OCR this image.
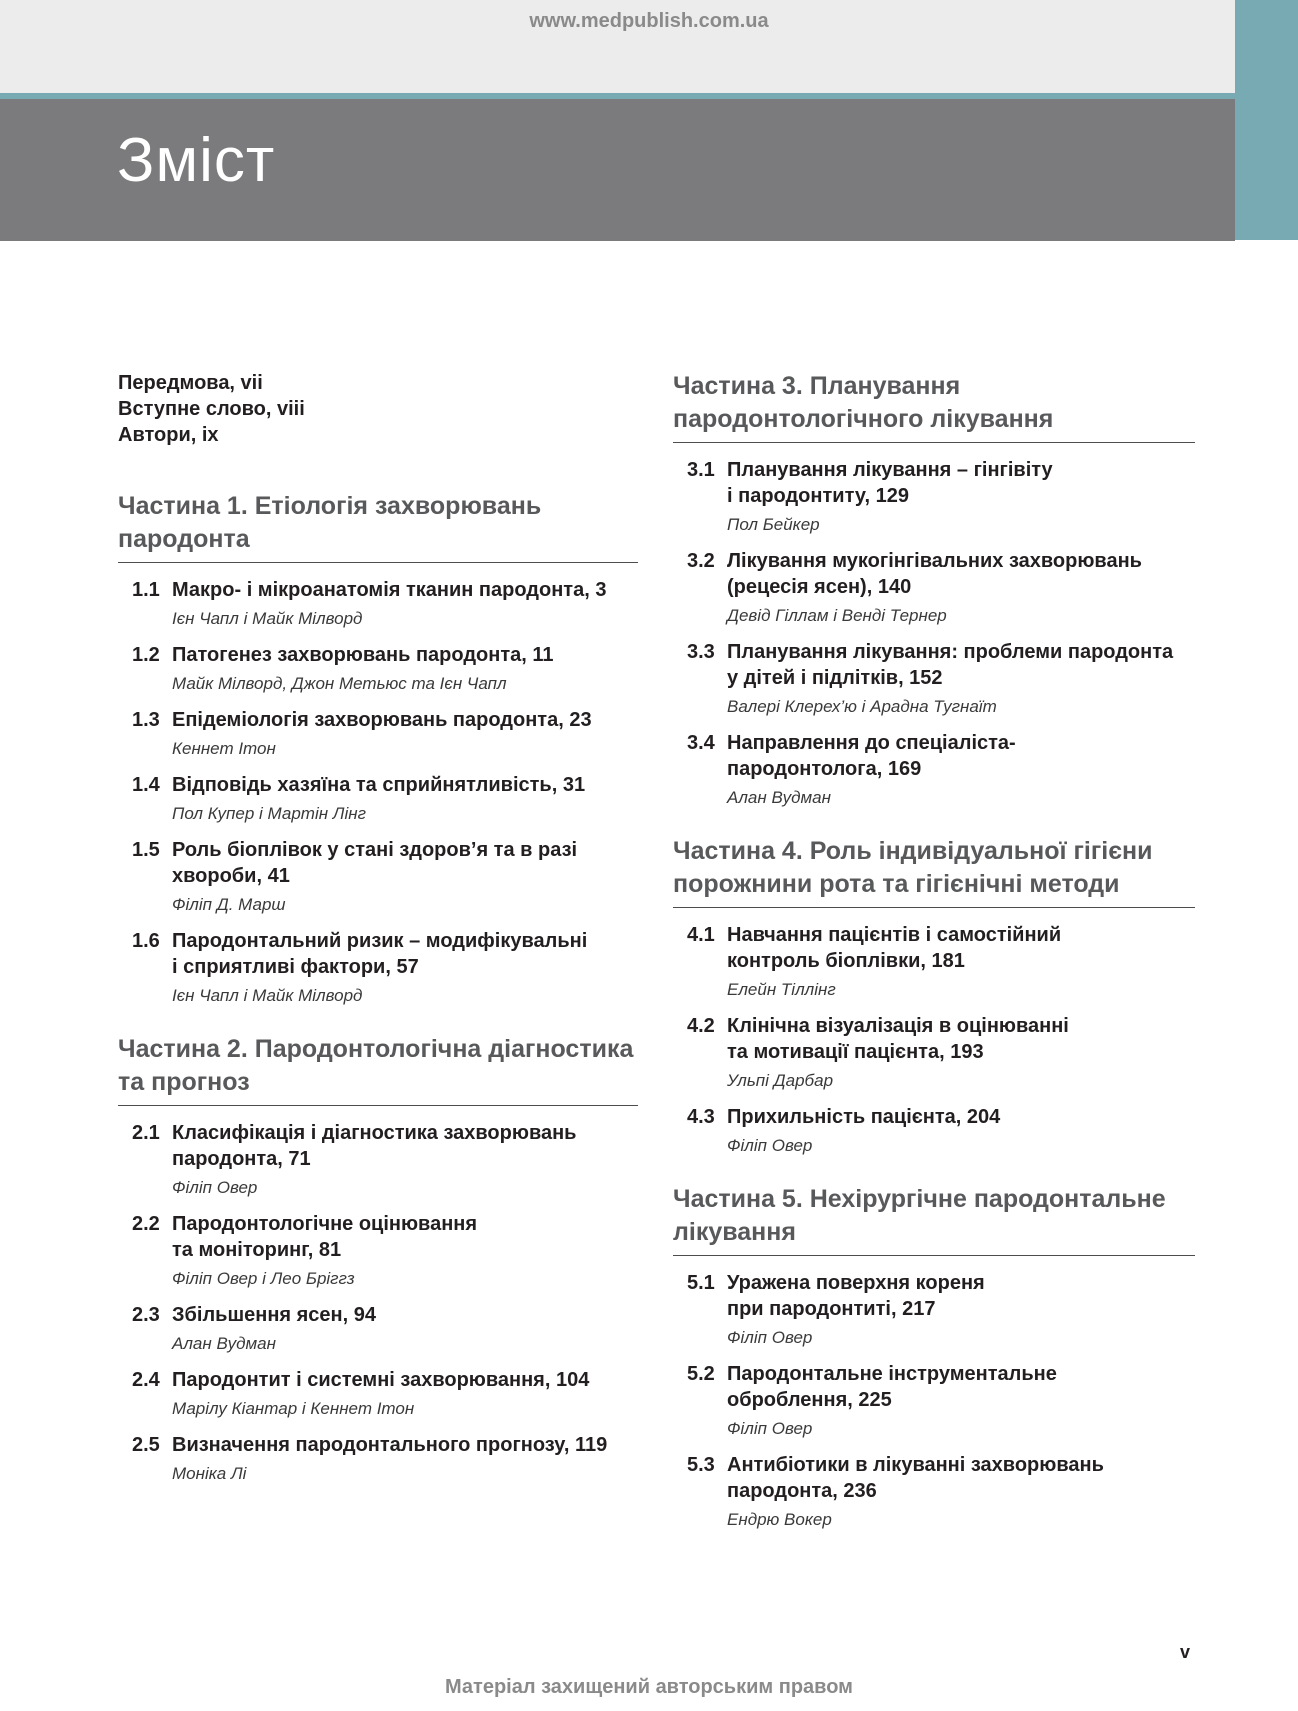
www.medpublish.com.ua
Зміст
Передмова, vii
Вступне слово, viii
Автори, ix
Частина 1. Етіологія захворювань
пародонта
1.1 Макро- і мікроанатомія тканин пародонта, 3
Ієн Чапл і Майк Мілворд
1.2 Патогенез захворювань пародонта, 11
Майк Мілворд, Джон Метьюс та Ієн Чапл
1.3 Епідеміологія захворювань пародонта, 23
Кеннет Ітон
1.4 Відповідь хазяїна та сприйнятливість, 31
Пол Купер і Мартін Лінг
1.5 Роль біоплівок у стані здоров’я та в разі
хвороби, 41
Філіп Д. Марш
1.6 Пародонтальний ризик – модифікувальні
і сприятливі фактори, 57
Ієн Чапл і Майк Мілворд
Частина 2. Пародонтологічна діагностика
та прогноз
2.1 Класифікація і діагностика захворювань
пародонта, 71
Філіп Овер
2.2 Пародонтологічне оцінювання
та моніторинг, 81
Філіп Овер і Лео Бріггз
2.3 Збільшення ясен, 94
Алан Вудман
2.4 Пародонтит і системні захворювання, 104
Марілу Кіантар і Кеннет Ітон
2.5 Визначення пародонтального прогнозу, 119
Моніка Лі
Частина 3. Планування
пародонтологічного лікування
3.1 Планування лікування – гінгівіту
і пародонтиту, 129
Пол Бейкер
3.2 Лікування мукогінгівальних захворювань
(рецесія ясен), 140
Девід Гіллам і Венді Тернер
3.3 Планування лікування: проблеми пародонта
у дітей і підлітків, 152
Валері Клерех’ю і Арадна Тугнаїт
3.4 Направлення до спеціаліста-
пародонтолога, 169
Алан Вудман
Частина 4. Роль індивідуальної гігієни
порожнини рота та гігієнічні методи
4.1 Навчання пацієнтів і самостійний
контроль біоплівки, 181
Елейн Тіллінг
4.2 Клінічна візуалізація в оцінюванні
та мотивації пацієнта, 193
Ульпі Дарбар
4.3 Прихильність пацієнта, 204
Філіп Овер
Частина 5. Нехірургічне пародонтальне
лікування
5.1 Уражена поверхня кореня
при пародонтиті, 217
Філіп Овер
5.2 Пародонтальне інструментальне
оброблення, 225
Філіп Овер
5.3 Антибіотики в лікуванні захворювань
пародонта, 236
Ендрю Вокер
v
Матеріал захищений авторським правом
